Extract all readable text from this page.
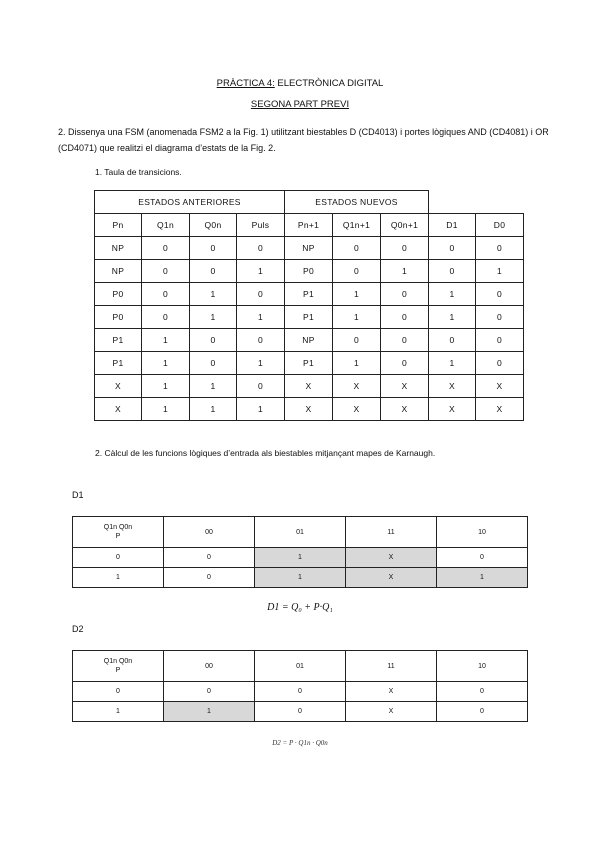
PRÀCTICA 4: ELECTRÒNICA DIGITAL
SEGONA PART PREVI
2. Dissenya una FSM (anomenada FSM2 a la Fig. 1) utilitzant biestables D (CD4013) i portes lògiques AND (CD4081) i OR (CD4071) que realitzi el diagrama d’estats de la Fig. 2.
1. Taula de transicions.
ESTADOS ANTERIORES				ESTADOS NUEVOS				
Pn	Q1n	Q0n	Puls	Pn+1	Q1n+1	Q0n+1	D1	D0
NP	0	0	0	NP	0	0	0	0
NP	0	0	1	P0	0	1	0	1
P0	0	1	0	P1	1	0	1	0
P0	0	1	1	P1	1	0	1	0
P1	1	0	0	NP	0	0	0	0
P1	1	0	1	P1	1	0	1	0
X	1	1	0	X	X	X	X	X
X	1	1	1	X	X	X	X	X
2. Càlcul de les funcions lògiques d’entrada als biestables mitjançant mapes de Karnaugh.
D1
Q1n Q0n
P	00	01	11	10
0	0	1	X	0
1	0	1	X	1
D1 = Q₀ + P·Q₁
D2
Q1n Q0n
P	00	01	11	10
0	0	0	X	0
1	1	0	X	0
D2 = P · Q1n · Q0n
